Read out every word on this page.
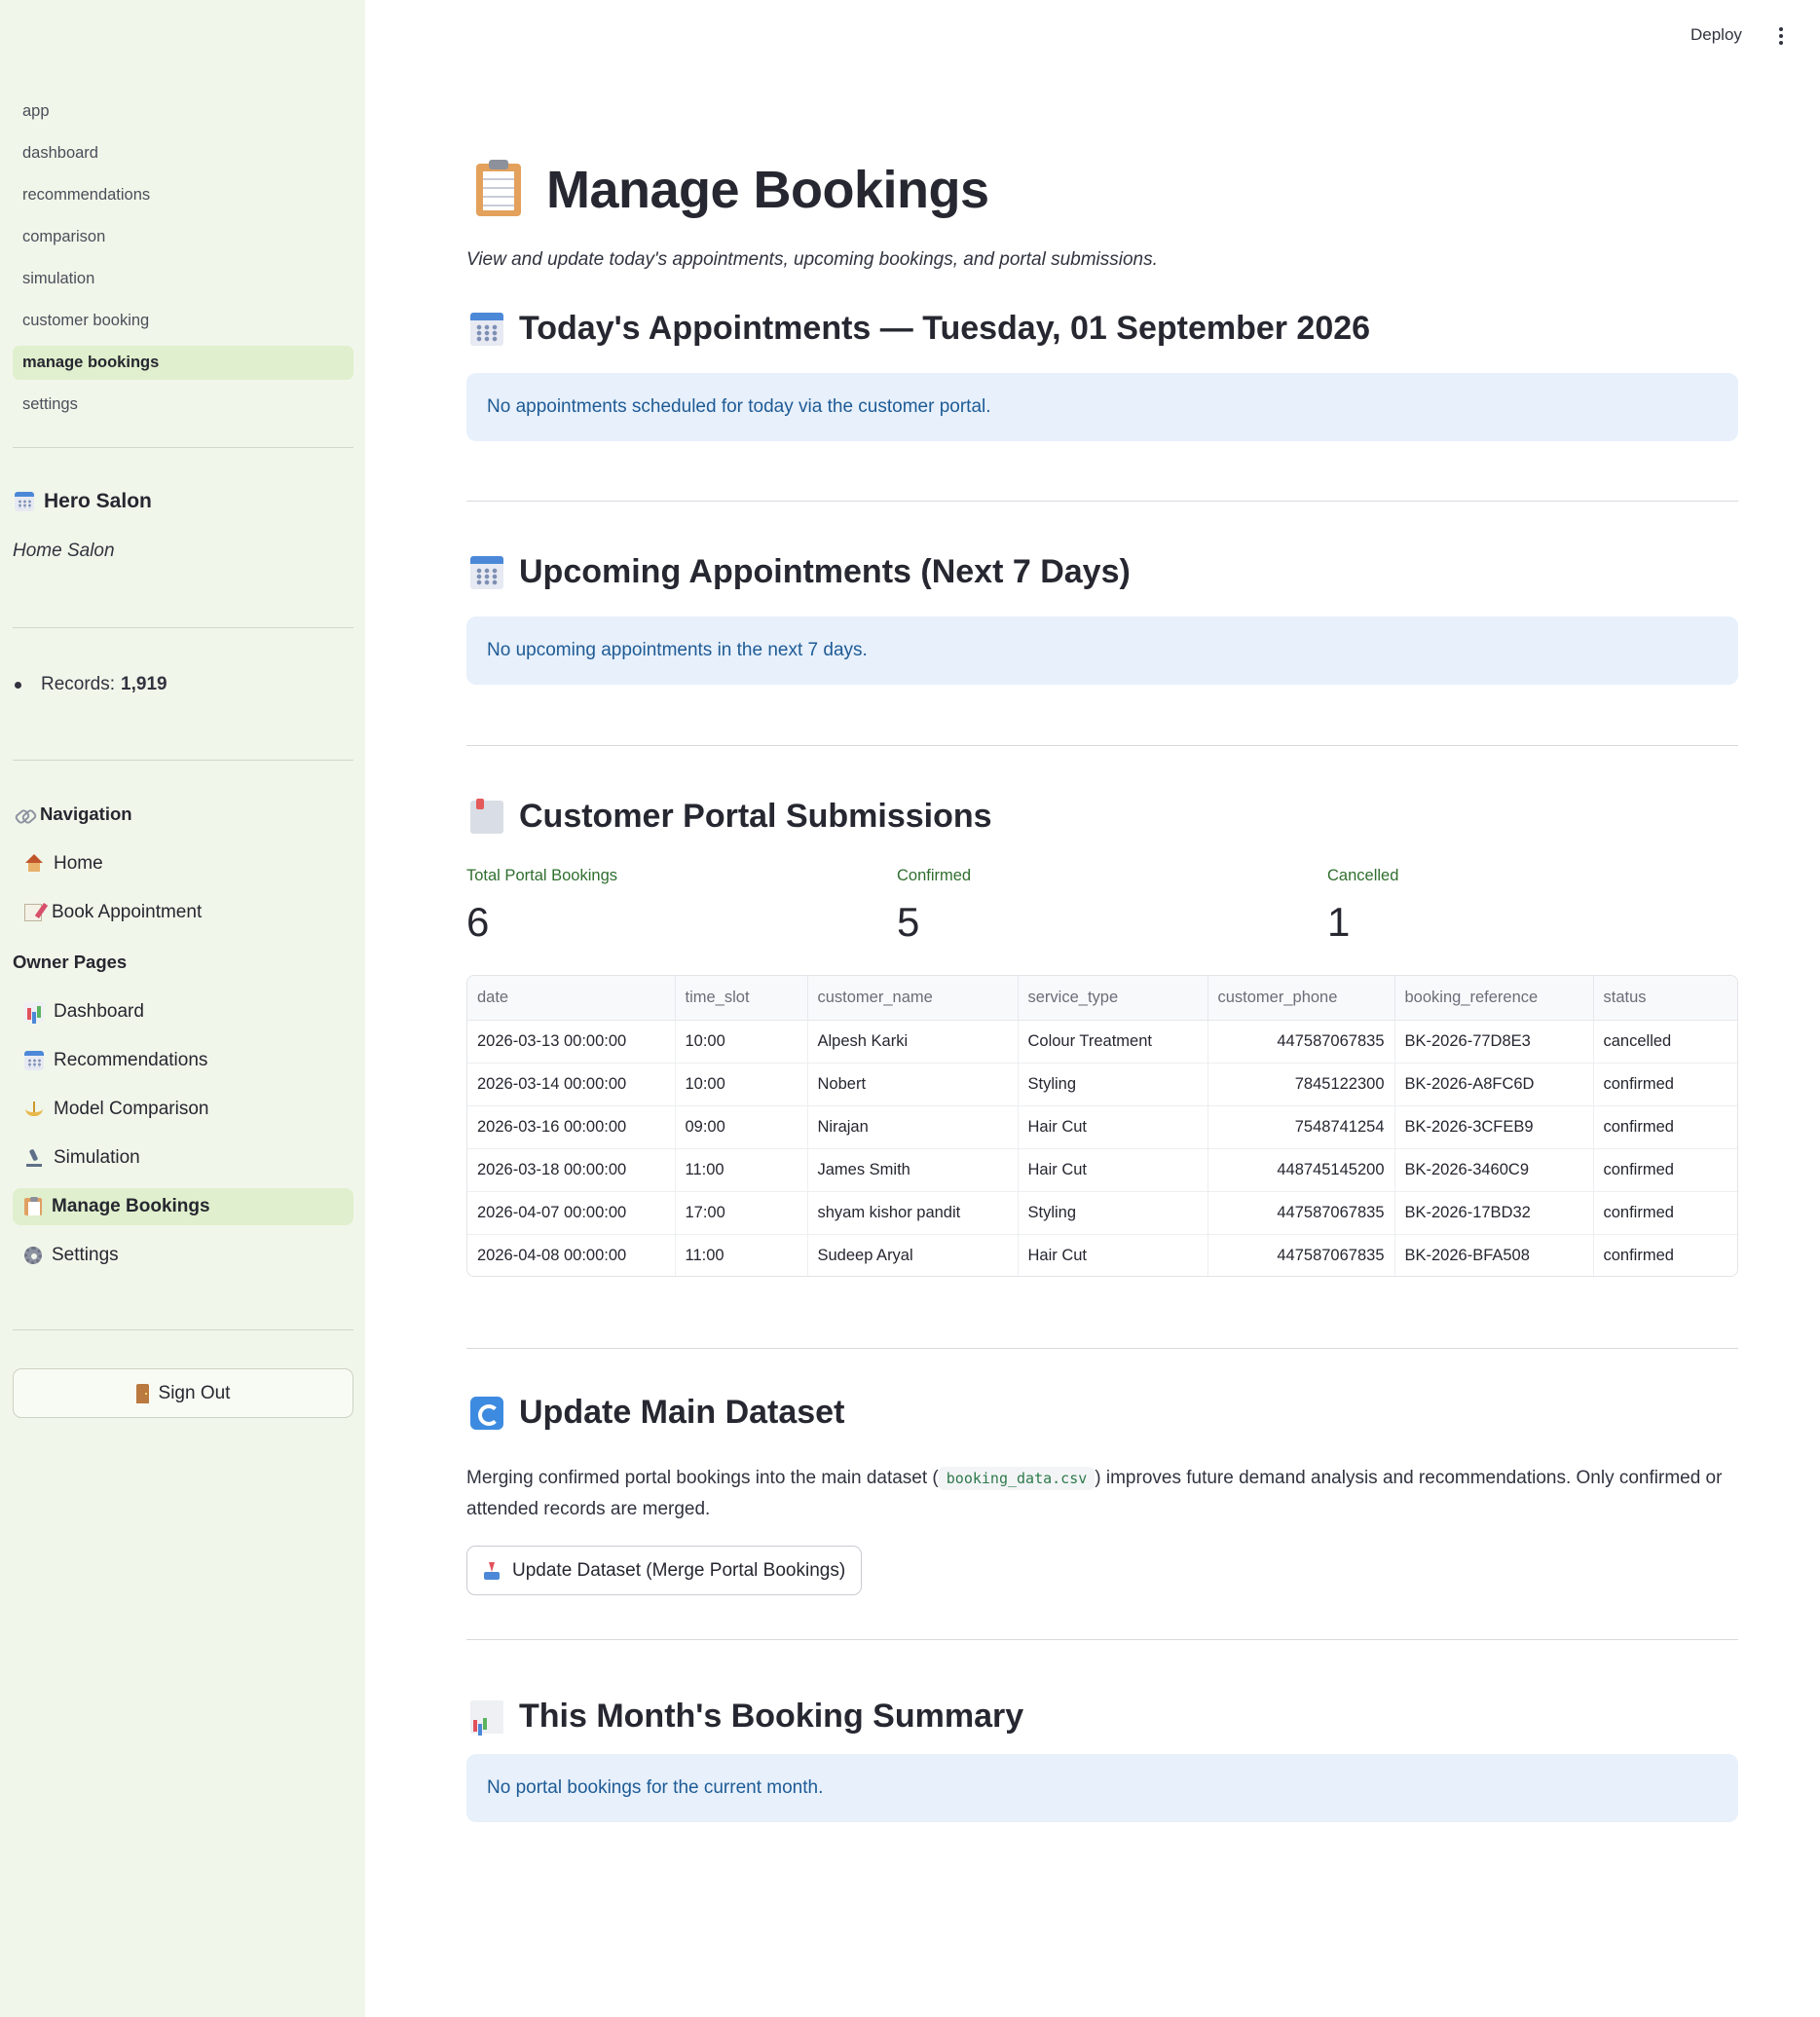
app
dashboard
recommendations
comparison
simulation
customer booking
manage bookings
settings
Hero Salon
Home Salon
Records: 1,919
Navigation
Home
Book Appointment
Owner Pages
Dashboard
Recommendations
Model Comparison
Simulation
Manage Bookings
Settings
Sign Out
Deploy
Manage Bookings
View and update today's appointments, upcoming bookings, and portal submissions.
Today's Appointments — Tuesday, 01 September 2026
No appointments scheduled for today via the customer portal.
Upcoming Appointments (Next 7 Days)
No upcoming appointments in the next 7 days.
Customer Portal Submissions
Total Portal Bookings
6
Confirmed
5
Cancelled
1
date	time_slot	customer_name	service_type	customer_phone	booking_reference	status
2026-03-13 00:00:00	10:00	Alpesh Karki	Colour Treatment	447587067835	BK-2026-77D8E3	cancelled
2026-03-14 00:00:00	10:00	Nobert	Styling	7845122300	BK-2026-A8FC6D	confirmed
2026-03-16 00:00:00	09:00	Nirajan	Hair Cut	7548741254	BK-2026-3CFEB9	confirmed
2026-03-18 00:00:00	11:00	James Smith	Hair Cut	448745145200	BK-2026-3460C9	confirmed
2026-04-07 00:00:00	17:00	shyam kishor pandit	Styling	447587067835	BK-2026-17BD32	confirmed
2026-04-08 00:00:00	11:00	Sudeep Aryal	Hair Cut	447587067835	BK-2026-BFA508	confirmed
Update Main Dataset

Merging confirmed portal bookings into the main dataset ( booking_data.csv ) improves future demand analysis and recommendations. Only confirmed or attended records are merged.

Update Dataset (Merge Portal Bookings)
This Month's Booking Summary
No portal bookings for the current month.
